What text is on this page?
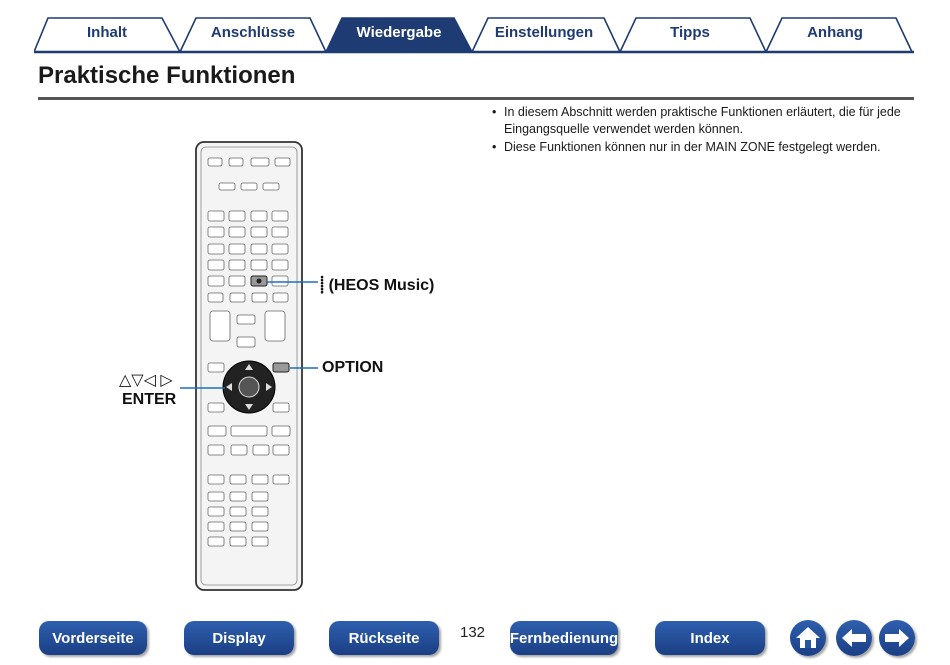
Inhalt	Anschlüsse	Wiedergabe	Einstellungen	Tipps	Anhang
Praktische Funktionen
• In diesem Abschnitt werden praktische Funktionen erläutert, die für jede Eingangsquelle verwendet werden können.
• Diese Funktionen können nur in der MAIN ZONE festgelegt werden.
⸽ (HEOS Music)
OPTION
△▽◁ ▷
ENTER
Vorderseite	Display	Rückseite	132 Fernbedienung	Index
